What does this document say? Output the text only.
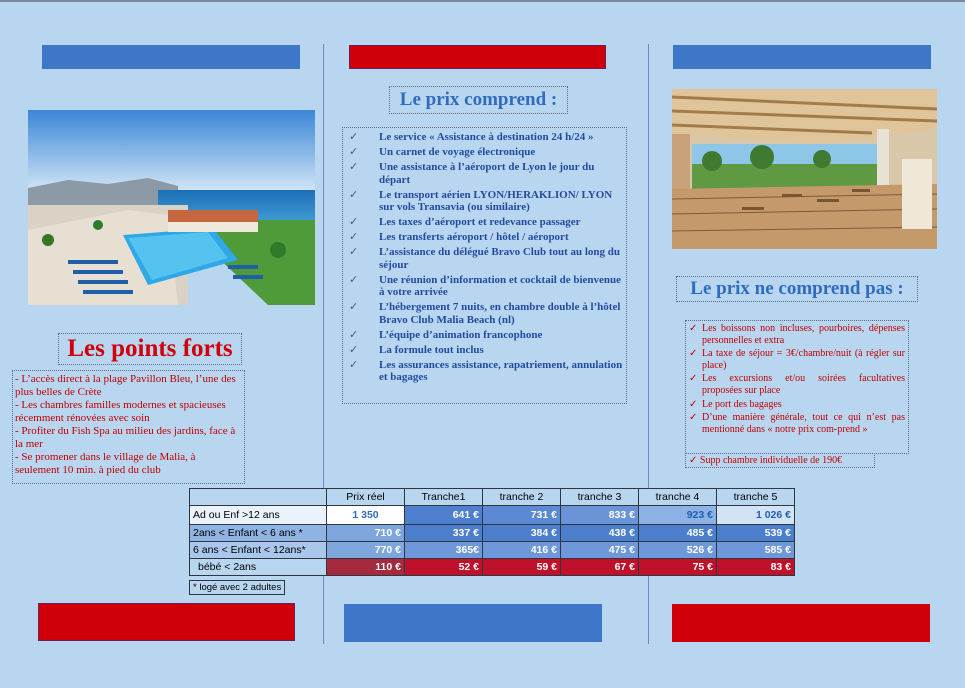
Le prix comprend :
✓ Le service « Assistance à destination 24 h/24 »
✓ Un carnet de voyage électronique
✓ Une assistance à l’aéroport de Lyon le jour du départ
✓ Le transport aérien LYON/HERAKLION/ LYON sur vols Transavia (ou similaire)
✓ Les taxes d’aéroport et redevance passager
✓ Les transferts aéroport / hôtel / aéroport
✓ L’assistance du délégué Bravo Club tout au long du séjour
✓ Une réunion d’information et cocktail de bienvenue à votre arrivée
✓ L’hébergement 7 nuits, en chambre double à l’hôtel Bravo Club Malia Beach (nl)
✓ L’équipe d’animation francophone
✓ La formule tout inclus
✓ Les assurances assistance, rapatriement, annulation et bagages
Le prix ne comprend pas :
✓ Les boissons non incluses, pourboires, dépenses personnelles et extra
✓ La taxe de séjour = 3€/chambre/nuit (à régler sur place)
✓ Les excursions et/ou soirées facultatives proposées sur place
✓ Le port des bagages
✓ D’une manière générale, tout ce qui n’est pas mentionné dans « notre prix com-prend »
✓ Supp chambre individuelle de 190€
Les points forts

- L’accès direct à la plage Pavillon Bleu, l’une des plus belles de Crète

- Les chambres familles modernes et spacieuses récemment rénovées avec soin

- Profiter du Fish Spa au milieu des jardins, face à la mer

- Se promener dans le village de Malia, à seulement 10 min. à pied du club

	Prix réel	Tranche1	tranche 2	tranche 3	tranche 4	tranche 5
Ad ou Enf >12 ans	1 350	641 €	731 €	833 €	923 €	1 026 €
2ans < Enfant < 6 ans *	710 €	337 €	384 €	438 €	485 €	539 €
6 ans < Enfant < 12ans*	770 €	365€	416 €	475 €	526 €	585 €
bébé < 2ans	110 €	52 €	59 €	67 €	75 €	83 €
* logé avec 2 adultes
